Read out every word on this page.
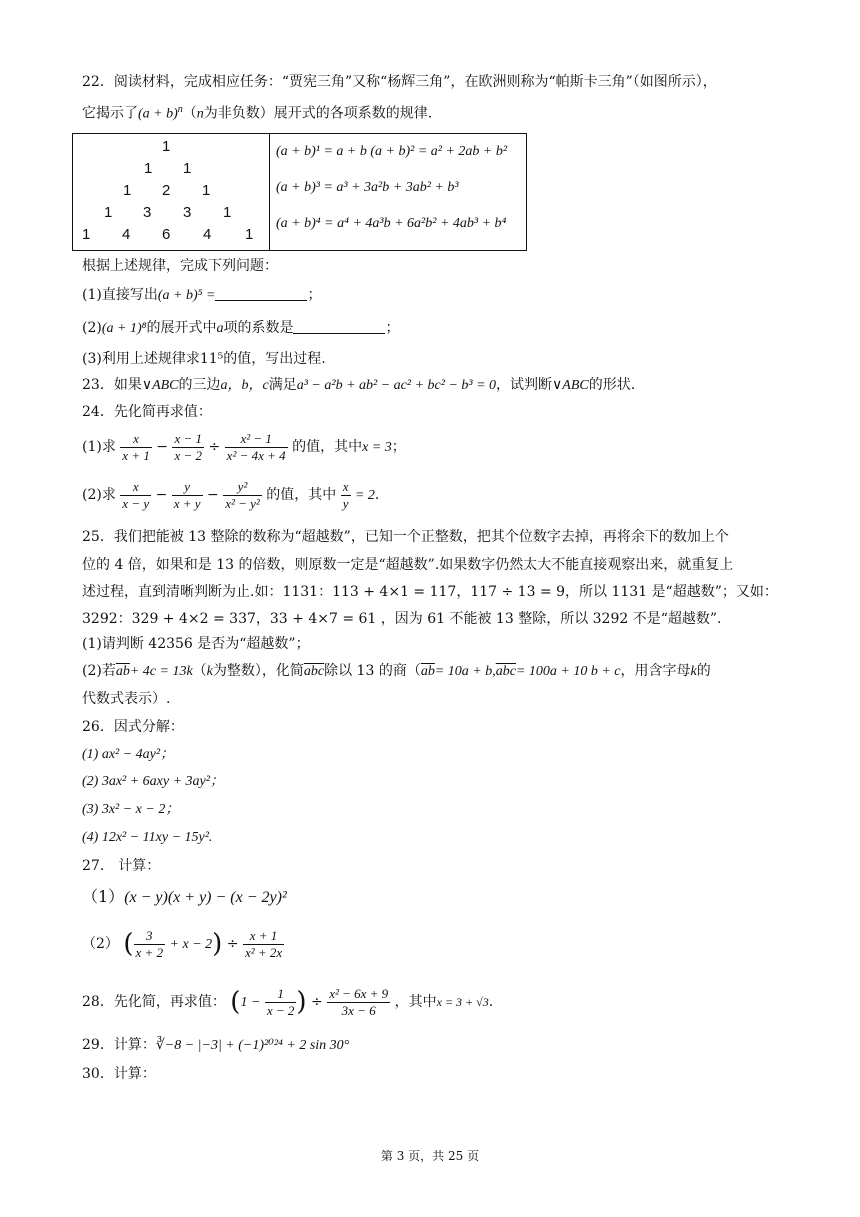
22．阅读材料，完成相应任务：“贾宪三角”又称“杨辉三角”，在欧洲则称为“帕斯卡三角”（如图所示），
它揭示了$(a + b)^n(n$为非负数）展开式的各项系数的规律.
1
1 1
1 2 1
1 3 3 1
1 4 6 4 1

(a + b)¹ = a + b (a + b)² = a² + 2ab + b²
(a + b)³ = a³ + 3a²b + 3ab² + b³
(a + b)⁴ = a⁴ + 4a³b + 6a²b² + 4ab³ + b⁴
根据上述规律，完成下列问题：
(1)直接写出(a + b)⁵ =	；
(2)(a + 1)⁸的展开式中a项的系数是	；
(3)利用上述规律求11⁵的值，写出过程.
23．如果∨ABC的三边a，b，c满足a³ − a²b + ab² − ac² + bc² − b³ = 0，试判断∨ABC的形状.
24．先化简再求值：
(1)求 $\frac{x}{x + 1} - \frac{x - 1}{x - 2} \div \frac{\text{x² − 1}}{\text{x² − 4x + 4}}$ 的值，其中x = 3；
(2)求 $\frac{x}{x - y} - \frac{y}{x + y} - \frac{\text{y²}}{\text{x² − y²}}$ 的值，其中 $\frac{x}{y} = 2$.
25．我们把能被 13 整除的数称为“超越数”，已知一个正整数，把其个位数字去掉，再将余下的数加上个
位的 4 倍，如果和是 13 的倍数，则原数一定是“超越数”.如果数字仍然太大不能直接观察出来，就重复上
述过程，直到清晰判断为止.如：1131：113 + 4×1 = 117，117 ÷ 13 = 9，所以 1131 是“超越数”；又如：
3292：329 + 4×2 = 337，33 + 4×7 = 61 ，因为 61 不能被 13 整除，所以 3292 不是“超越数”.
(1)请判断 42356 是否为“超越数”；
(2)若$\overline{ab}+ 4c = 13k(k$为整数），化简$\overline{abc}$除以 13 的商（$\overline{ab}= 10a + b,\overline{abc}= 100a + 10$ b + c，用含字母k的
代数式表示）.
26．因式分解：
(1) ax² − 4ay²；
(2) 3ax² + 6axy + 3ay²；
(3) 3x² − x − 2；
(4) 12x² − 11xy − 15y².
27． 计算：
（1）(x − y)(x + y) − (x − 2y)²
（2） ( $\frac{3}{x + 2} + x - 2) \div \frac{x + 1}{\text{x² + 2x}}$
28．先化简，再求值： ($1 - \frac{1}{x - 2}$ ) ÷ $\frac{\text{x² − 6x + 9}}{3x - 6}$ ，其中x = 3 + √3.
29．计算：∛−8 − |−3| + (−1)²⁰²⁴ + 2 sin 30°
30．计算：
第 3 页，共 25 页
